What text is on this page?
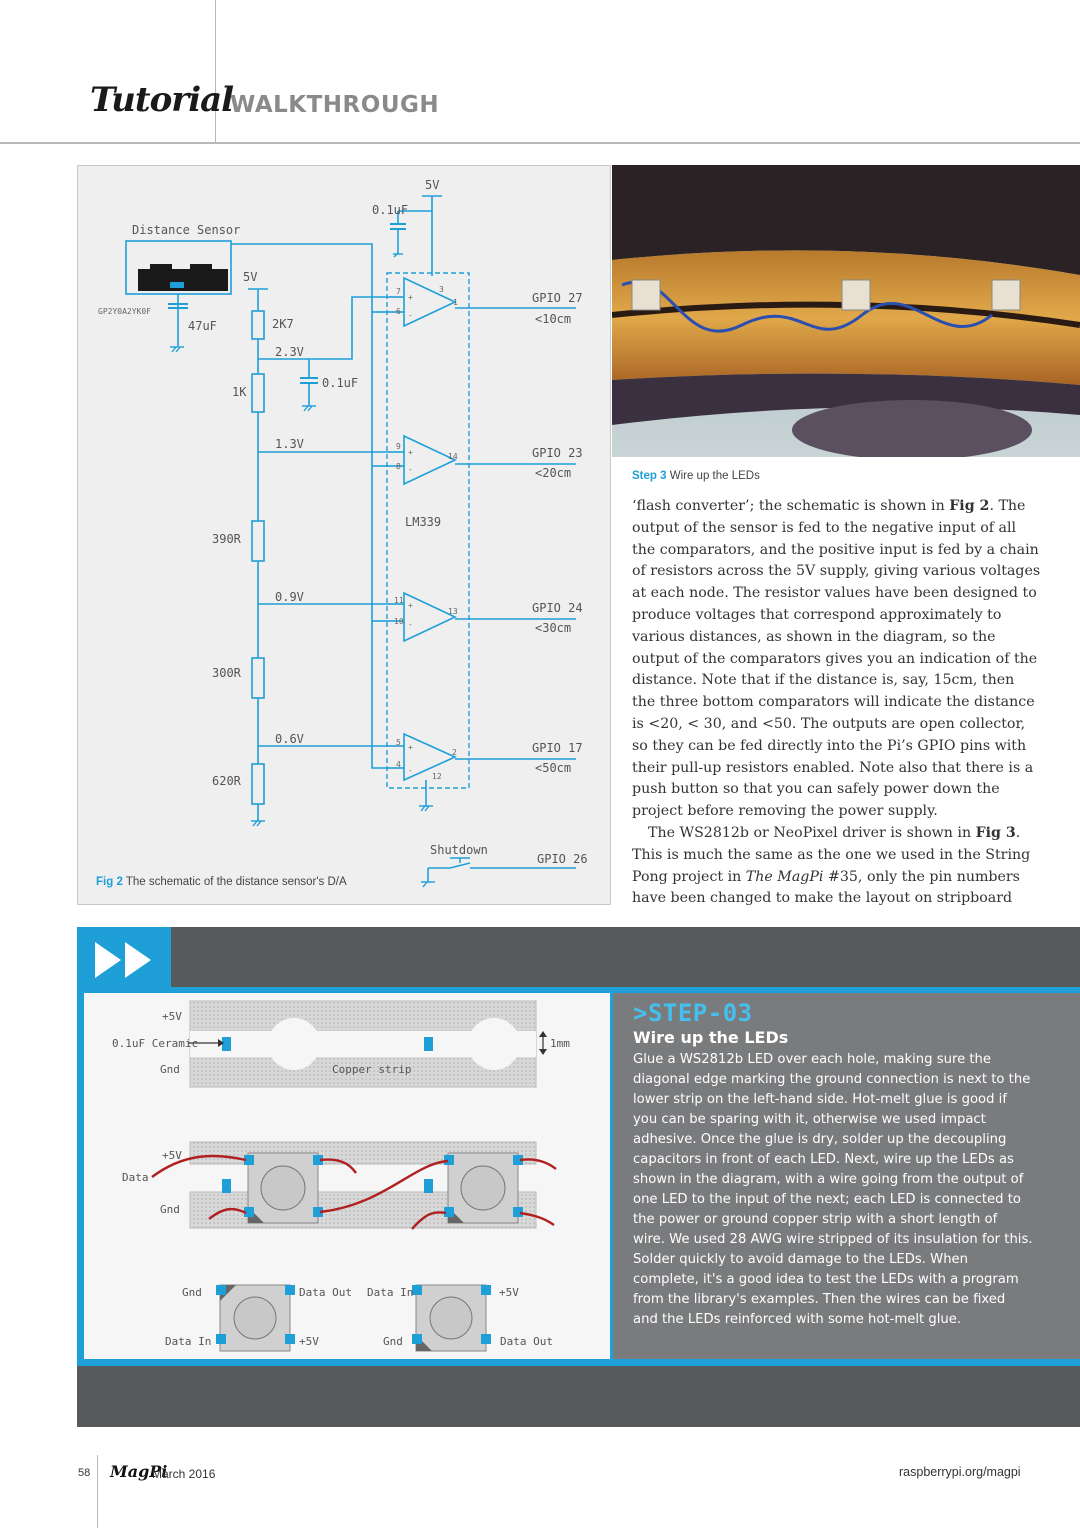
Tutorial
WALKTHROUGH
5V
0.1uF
Distance Sensor
GP2Y0A2YK0F
47uF
5V
2K7
2.3V
0.1uF
1K
1.3V
LM339
390R
0.9V
300R
0.6V
620R
GPIO 27
<10cm
GPIO 23
<20cm
GPIO 24
<30cm
GPIO 17
<50cm
Shutdown
GPIO 26
7
6
3
1
9
8
14
11
10
13
5
4
2
12
+
-
+
-
+
-
+
-
Fig 2 The schematic of the distance sensor's D/A
Step 3 Wire up the LEDs

‘flash converter’; the schematic is shown in Fig 2. The output of the sensor is fed to the negative input of all the comparators, and the positive input is fed by a chain of resistors across the 5V supply, giving various voltages at each node. The resistor values have been designed to produce voltages that correspond approximately to various distances, as shown in the diagram, so the output of the comparators gives you an indication of the distance. Note that if the distance is, say, 15cm, then the three bottom comparators will indicate the distance is <20, < 30, and <50. The outputs are open collector, so they can be fed directly into the Pi’s GPIO pins with their pull-up resistors enabled. Note also that there is a push button so that you can safely power down the project before removing the power supply.

The WS2812b or NeoPixel driver is shown in Fig 3. This is much the same as the one we used in the String Pong project in The MagPi #35, only the pin numbers have been changed to make the layout on stripboard

+5V
0.1uF Ceramic
Gnd	Copper strip
1mm
+5V
Data
Gnd
Gnd	Data Out
Data In	+5V
Data In	+5V
Gnd	Data Out
>STEP-03
Wire up the LEDs
Glue a WS2812b LED over each hole, making sure the diagonal edge marking the ground connection is next to the lower strip on the left-hand side. Hot-melt glue is good if you can be sparing with it, otherwise we used impact adhesive. Once the glue is dry, solder up the decoupling capacitors in front of each LED. Next, wire up the LEDs as shown in the diagram, with a wire going from the output of one LED to the input of the next; each LED is connected to the power or ground copper strip with a short length of wire. We used 28 AWG wire stripped of its insulation for this. Solder quickly to avoid damage to the LEDs. When complete, it's a good idea to test the LEDs with a program from the library's examples. Then the wires can be fixed and the LEDs reinforced with some hot-melt glue.
58 MagPi
March 2016	raspberrypi.org/magpi
